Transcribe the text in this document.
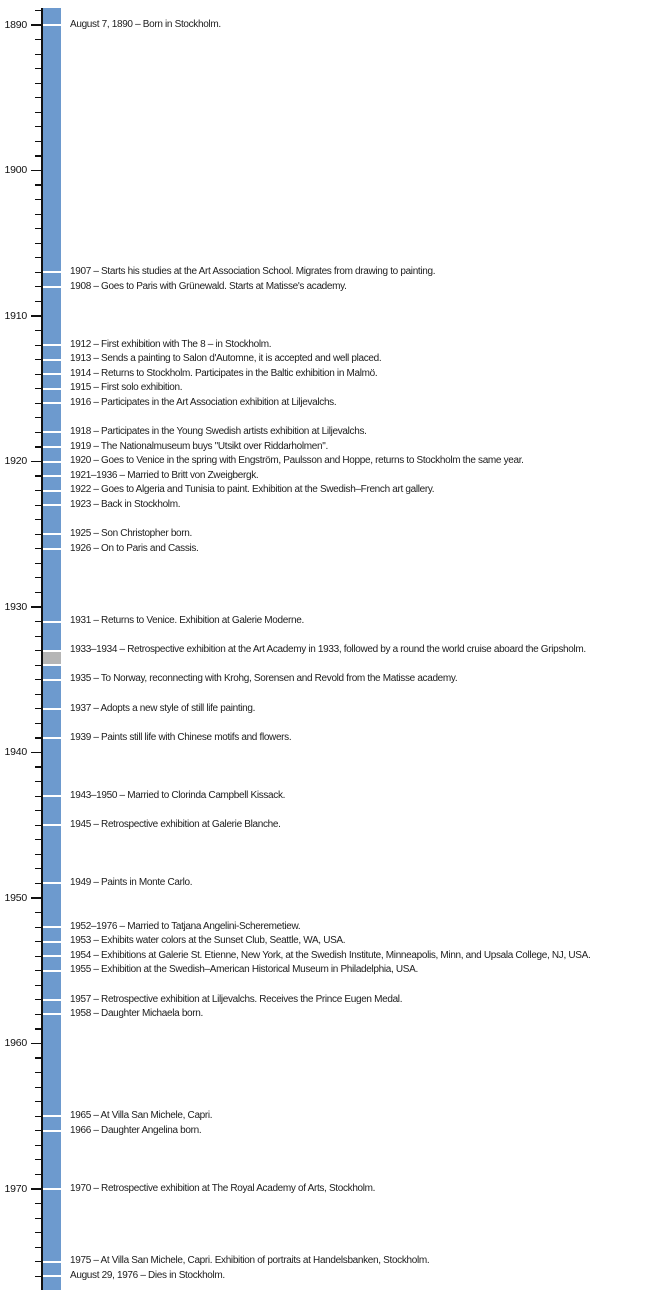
1890
1900
1910
1920
1930
1940
1950
1960
1970
August 7, 1890 – Born in Stockholm.
1907 – Starts his studies at the Art Association School. Migrates from drawing to painting.
1908 – Goes to Paris with Grünewald. Starts at Matisse's academy.
1912 – First exhibition with The 8 – in Stockholm.
1913 – Sends a painting to Salon d'Automne, it is accepted and well placed.
1914 – Returns to Stockholm. Participates in the Baltic exhibition in Malmö.
1915 – First solo exhibition.
1916 – Participates in the Art Association exhibition at Liljevalchs.
1918 – Participates in the Young Swedish artists exhibition at Liljevalchs.
1919 – The Nationalmuseum buys "Utsikt over Riddarholmen".
1920 – Goes to Venice in the spring with Engström, Paulsson and Hoppe, returns to Stockholm the same year.
1921–1936 – Married to Britt von Zweigbergk.
1922 – Goes to Algeria and Tunisia to paint. Exhibition at the Swedish–French art gallery.
1923 – Back in Stockholm.
1925 – Son Christopher born.
1926 – On to Paris and Cassis.
1931 – Returns to Venice. Exhibition at Galerie Moderne.
1933–1934 – Retrospective exhibition at the Art Academy in 1933, followed by a round the world cruise aboard the Gripsholm.
1935 – To Norway, reconnecting with Krohg, Sorensen and Revold from the Matisse academy.
1937 – Adopts a new style of still life painting.
1939 – Paints still life with Chinese motifs and flowers.
1943–1950 – Married to Clorinda Campbell Kissack.
1945 – Retrospective exhibition at Galerie Blanche.
1949 – Paints in Monte Carlo.
1952–1976 – Married to Tatjana Angelini-Scheremetiew.
1953 – Exhibits water colors at the Sunset Club, Seattle, WA, USA.
1954 – Exhibitions at Galerie St. Etienne, New York, at the Swedish Institute, Minneapolis, Minn, and Upsala College, NJ, USA.
1955 – Exhibition at the Swedish–American Historical Museum in Philadelphia, USA.
1957 – Retrospective exhibition at Liljevalchs. Receives the Prince Eugen Medal.
1958 – Daughter Michaela born.
1965 – At Villa San Michele, Capri.
1966 – Daughter Angelina born.
1970 – Retrospective exhibition at The Royal Academy of Arts, Stockholm.
1975 – At Villa San Michele, Capri. Exhibition of portraits at Handelsbanken, Stockholm.
August 29, 1976 – Dies in Stockholm.
